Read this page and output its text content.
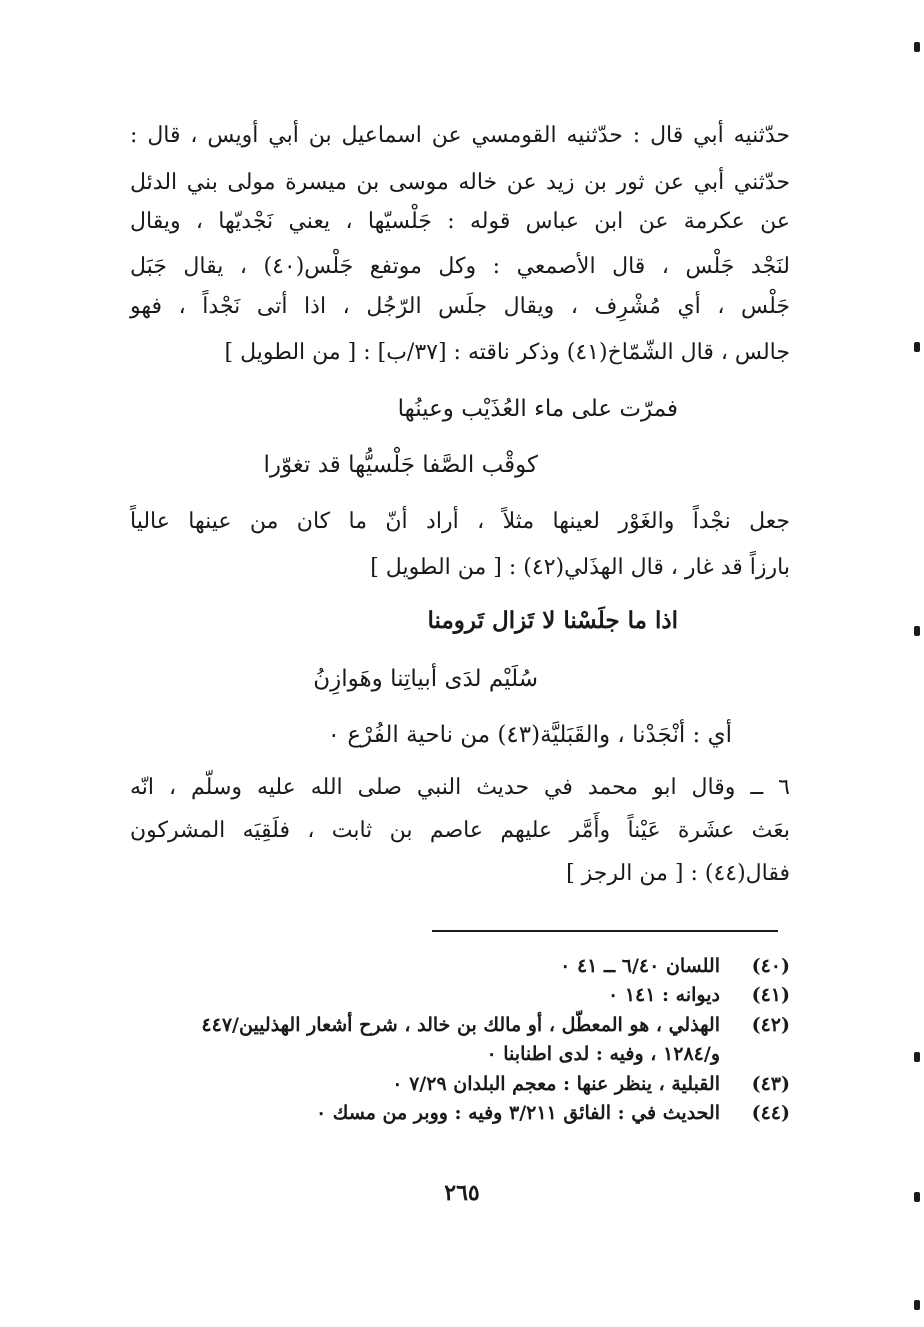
حدّثنيه أبي قال : حدّثنيه القومسي عن اسماعيل بن أبي أويس ، قال :
حدّثني أبي عن ثور بن زيد عن خاله موسى بن ميسرة مولى بني الدئل
عن عكرمة عن ابن عباس قوله : جَلْسيّها ، يعني نَجْديّها ، ويقال
لنَجْد جَلْس ، قال الأصمعي : وكل موتفع جَلْس(٤٠) ، يقال جَبَل
جَلْس ، أي مُشْرِف ، ويقال جلَس الرّجُل ، اذا أتى نَجْداً ، فهو
جالس ، قال الشّمّاخ(٤١) وذكر ناقته : [٣٧/ب] : [ من الطويل ]
فمرّت على ماء العُذَيْب وعينُها
كوقْب الصَّفا جَلْسيُّها قد تغوّرا
جعل نجْداً والغَوْر لعينها مثلاً ، أراد أنّ ما كان من عينها عالياً
بارزاً قد غار ، قال الهذَلي(٤٢) : [ من الطويل ]
اذا ما جلَسْنا لا تَزال تَرومنا
سُلَيْم لدَى أبياتِنا وهَوازِنُ
أي : أنْجَدْنا ، والقَبَليَّة(٤٣) من ناحية الفُرْع ٠
٦ ــ وقال ابو محمد في حديث النبي صلى الله عليه وسلّم ، انّه
بعَث عشَرة عَيْناً وأَمَّر عليهم عاصم بن ثابت ، فلَقِيَه المشركون
فقال(٤٤) : [ من الرجز ]
(٤٠)
اللسان ٦/٤٠ ــ ٤١ ٠
(٤١)
ديوانه : ١٤١ ٠
(٤٢)
الهذلي ، هو المعطّل ، أو مالك بن خالد ، شرح أشعار الهذليين/٤٤٧
و/١٢٨٤ ، وفيه : لدى اطنابنا ٠
(٤٣)
القبلية ، ينظر عنها : معجم البلدان ٧/٢٩ ٠
(٤٤)
الحديث في : الفائق ٣/٢١١ وفيه : ووبر من مسك ٠
٢٦٥
